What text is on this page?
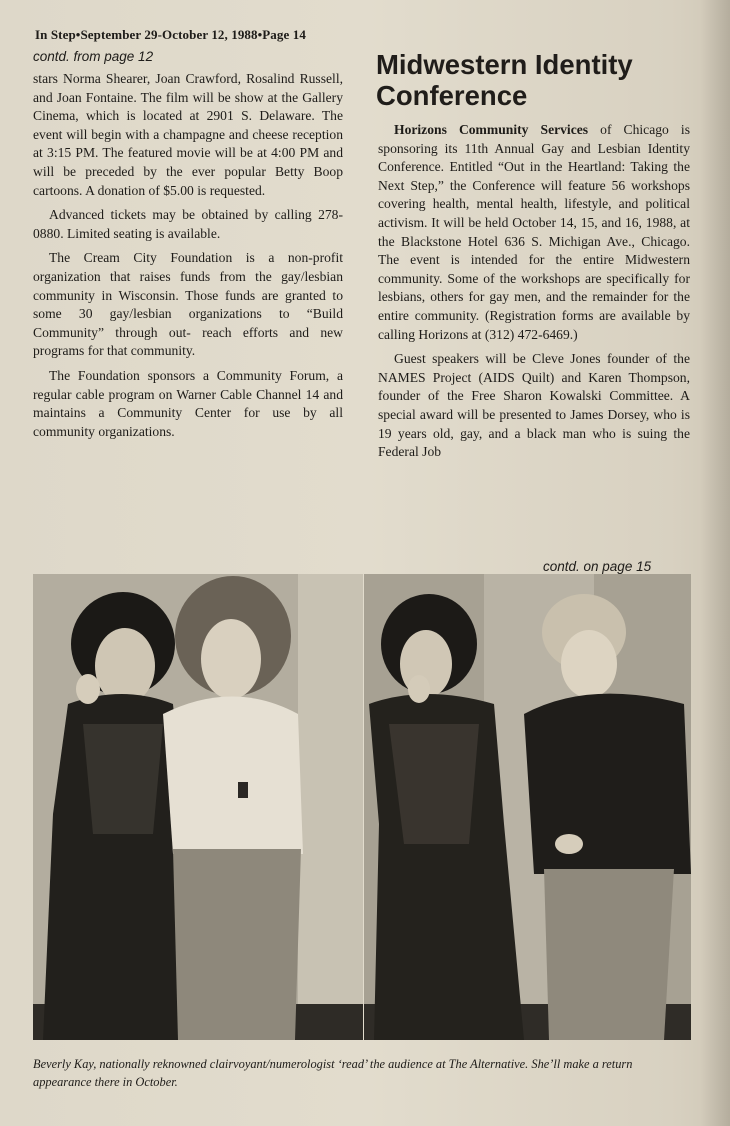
In Step•September 29-October 12, 1988•Page 14
contd. from page 12

stars Norma Shearer, Joan Crawford, Rosalind Russell, and Joan Fontaine. The film will be show at the Gallery Cinema, which is located at 2901 S. Delaware. The event will begin with a champagne and cheese reception at 3:15 PM. The featured movie will be at 4:00 PM and will be preceded by the ever popular Betty Boop cartoons. A donation of $5.00 is requested.

Advanced tickets may be obtained by calling 278-0880. Limited seating is available.

The Cream City Foundation is a non-profit organization that raises funds from the gay/lesbian community in Wisconsin. Those funds are granted to some 30 gay/lesbian organizations to “Build Community” through out- reach efforts and new programs for that community.

The Foundation sponsors a Community Forum, a regular cable program on Warner Cable Channel 14 and maintains a Community Center for use by all community organizations.

Midwestern Identity Conference

Horizons Community Services of Chicago is sponsoring its 11th Annual Gay and Lesbian Identity Conference. Entitled “Out in the Heartland: Taking the Next Step,” the Conference will feature 56 workshops covering health, mental health, lifestyle, and political activism. It will be held October 14, 15, and 16, 1988, at the Blackstone Hotel 636 S. Michigan Ave., Chicago. The event is intended for the entire Midwestern community. Some of the workshops are specifically for lesbians, others for gay men, and the remainder for the entire community. (Registration forms are available by calling Horizons at (312) 472-6469.)

Guest speakers will be Cleve Jones founder of the NAMES Project (AIDS Quilt) and Karen Thompson, founder of the Free Sharon Kowalski Committee. A special award will be presented to James Dorsey, who is 19 years old, gay, and a black man who is suing the Federal Job

contd. on page 15
Beverly Kay, nationally reknowned clairvoyant/numerologist ‘read’ the audience at The Alternative. She’ll make a return appearance there in October.
